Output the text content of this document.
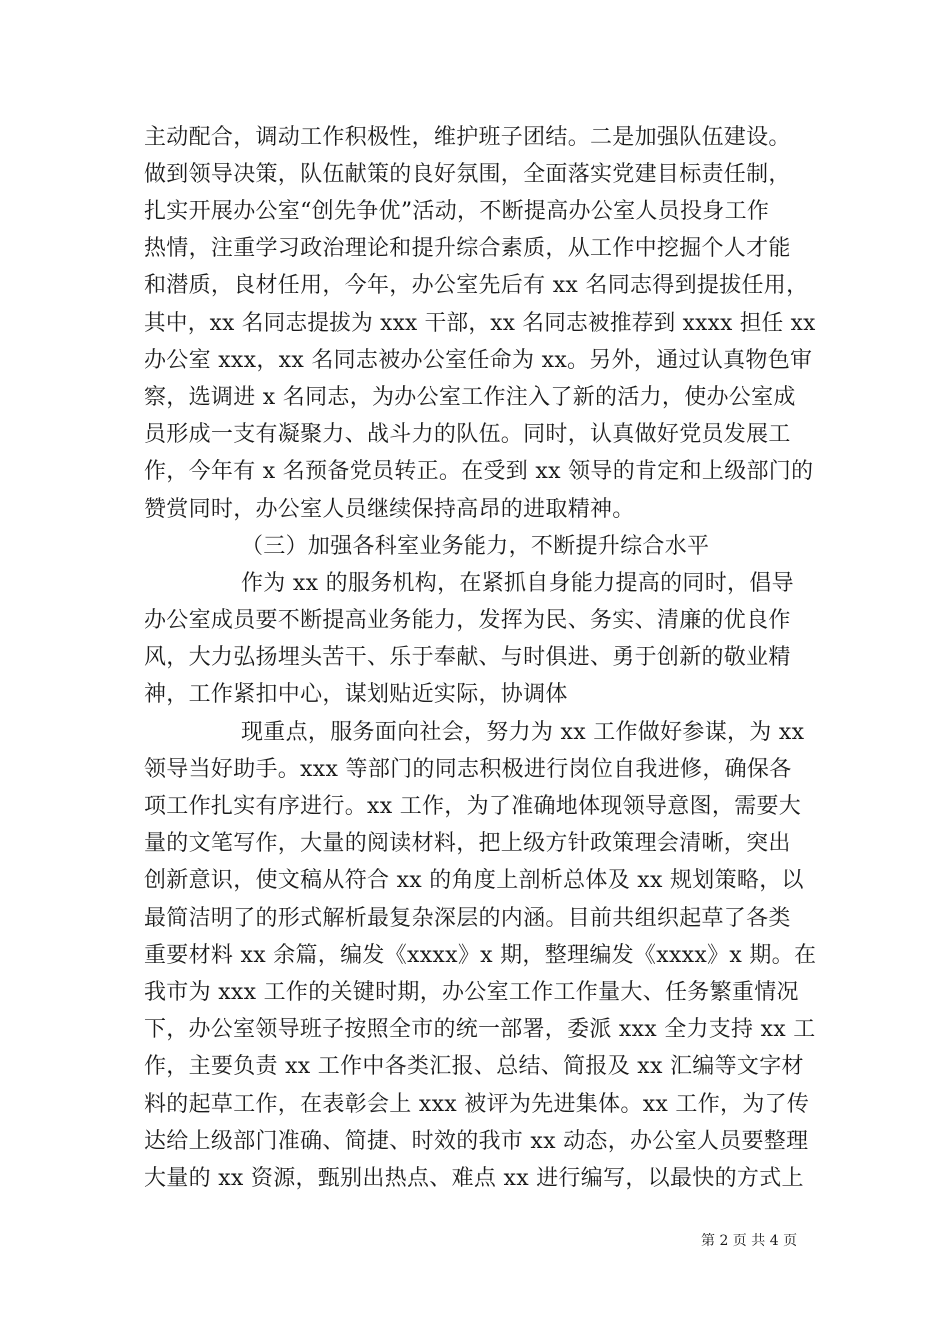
主动配合，调动工作积极性，维护班子团结。二是加强队伍建设。
做到领导决策，队伍献策的良好氛围，全面落实党建目标责任制，
扎实开展办公室“创先争优”活动，不断提高办公室人员投身工作
热情，注重学习政治理论和提升综合素质，从工作中挖掘个人才能
和潜质，良材任用，今年，办公室先后有 xx 名同志得到提拔任用，
其中，xx 名同志提拔为 xxx 干部，xx 名同志被推荐到 xxxx 担任 xx
办公室 xxx，xx 名同志被办公室任命为 xx。另外，通过认真物色审
察，选调进 x 名同志，为办公室工作注入了新的活力，使办公室成
员形成一支有凝聚力、战斗力的队伍。同时，认真做好党员发展工
作，今年有 x 名预备党员转正。在受到 xx 领导的肯定和上级部门的
赞赏同时，办公室人员继续保持高昂的进取精神。
（三）加强各科室业务能力，不断提升综合水平
作为 xx 的服务机构，在紧抓自身能力提高的同时，倡导
办公室成员要不断提高业务能力，发挥为民、务实、清廉的优良作
风，大力弘扬埋头苦干、乐于奉献、与时俱进、勇于创新的敬业精
神，工作紧扣中心，谋划贴近实际，协调体
现重点，服务面向社会，努力为 xx 工作做好参谋，为 xx
领导当好助手。xxx 等部门的同志积极进行岗位自我进修，确保各
项工作扎实有序进行。xx 工作，为了准确地体现领导意图，需要大
量的文笔写作，大量的阅读材料，把上级方针政策理会清晰，突出
创新意识，使文稿从符合 xx 的角度上剖析总体及 xx 规划策略，以
最简洁明了的形式解析最复杂深层的内涵。目前共组织起草了各类
重要材料 xx 余篇，编发《xxxx》x 期，整理编发《xxxx》x 期。在
我市为 xxx 工作的关键时期，办公室工作工作量大、任务繁重情况
下，办公室领导班子按照全市的统一部署，委派 xxx 全力支持 xx 工
作，主要负责 xx 工作中各类汇报、总结、简报及 xx 汇编等文字材
料的起草工作，在表彰会上 xxx 被评为先进集体。xx 工作，为了传
达给上级部门准确、简捷、时效的我市 xx 动态，办公室人员要整理
大量的 xx 资源，甄别出热点、难点 xx 进行编写，以最快的方式上
第 2 页 共 4 页
